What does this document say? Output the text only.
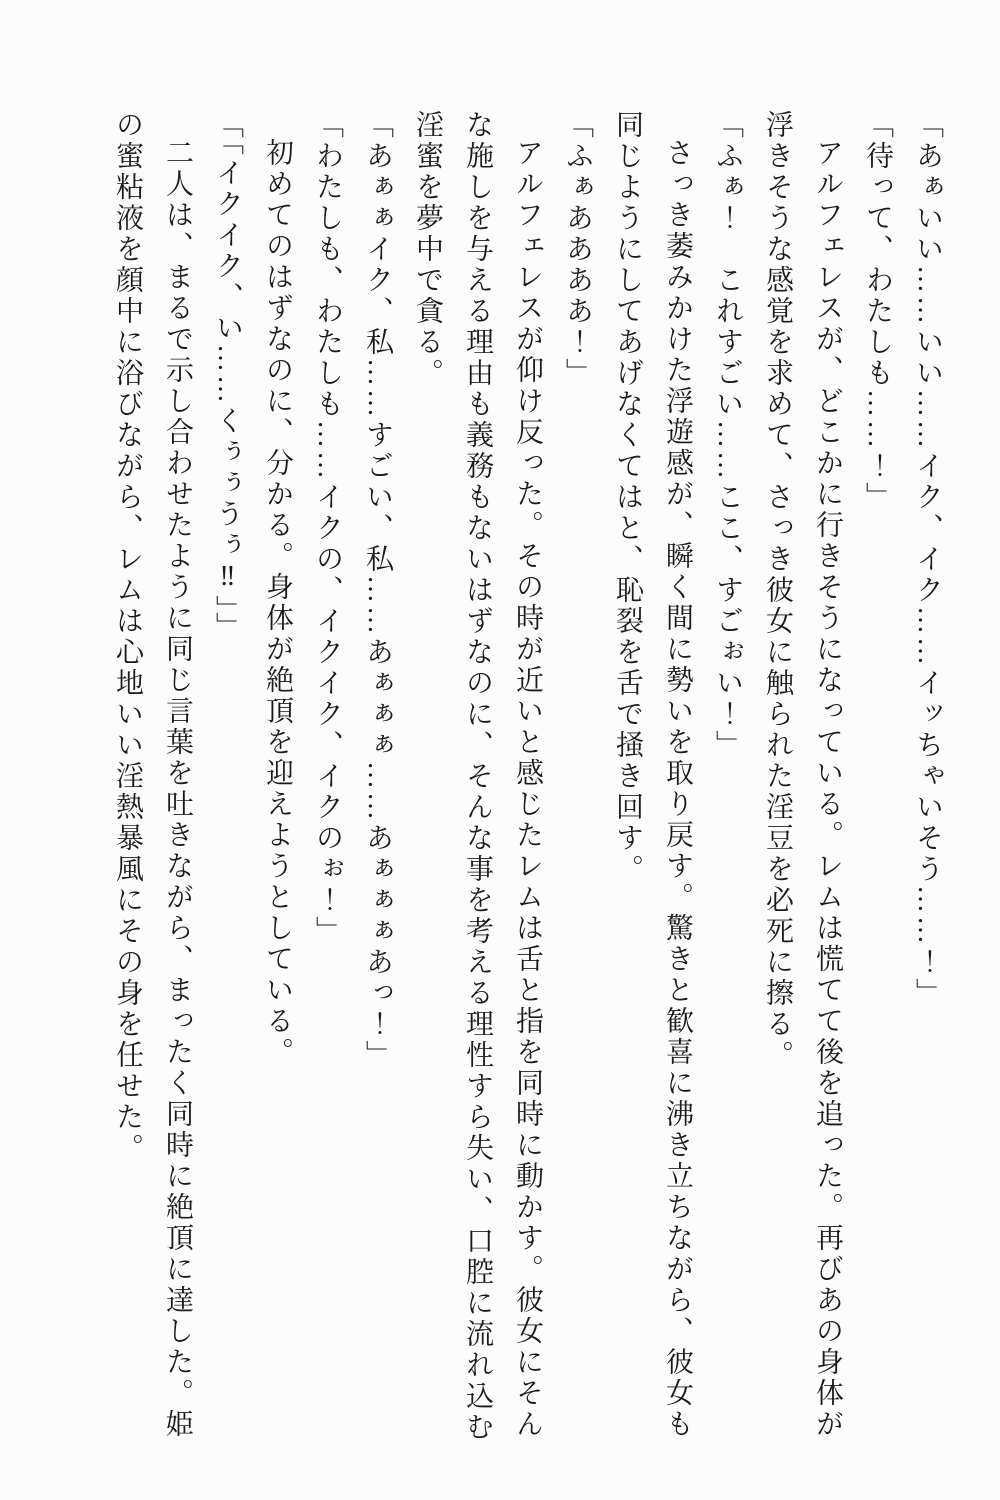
「あぁいい……いい……イク、イク……イッちゃいそう……！」

「待って、わたしも……！」

アルフェレスが、どこかに行きそうになっている。レムは慌てて後を追った。再びあの身体が浮きそうな感覚を求めて、さっき彼女に触られた淫豆を必死に擦る。

「ふぁ！　これすごい……ここ、すごぉい！」

さっき萎みかけた浮遊感が、瞬く間に勢いを取り戻す。驚きと歓喜に沸き立ちながら、彼女も同じようにしてあげなくてはと、恥裂を舌で掻き回す。

「ふぁああああ！」

アルフェレスが仰け反った。その時が近いと感じたレムは舌と指を同時に動かす。彼女にそんな施しを与える理由も義務もないはずなのに、そんな事を考える理性すら失い、口腔に流れ込む淫蜜を夢中で貪る。

「あぁぁイク、私……すごい、私……あぁぁぁ……あぁぁぁあっ！」

「わたしも、わたしも……イクの、イクイク、イクのぉ！」

初めてのはずなのに、分かる。身体が絶頂を迎えようとしている。

「「イクイク、い……くぅぅうぅ‼」」

二人は、まるで示し合わせたように同じ言葉を吐きながら、まったく同時に絶頂に達した。姫の蜜粘液を顔中に浴びながら、レムは心地いい淫熱暴風にその身を任せた。
